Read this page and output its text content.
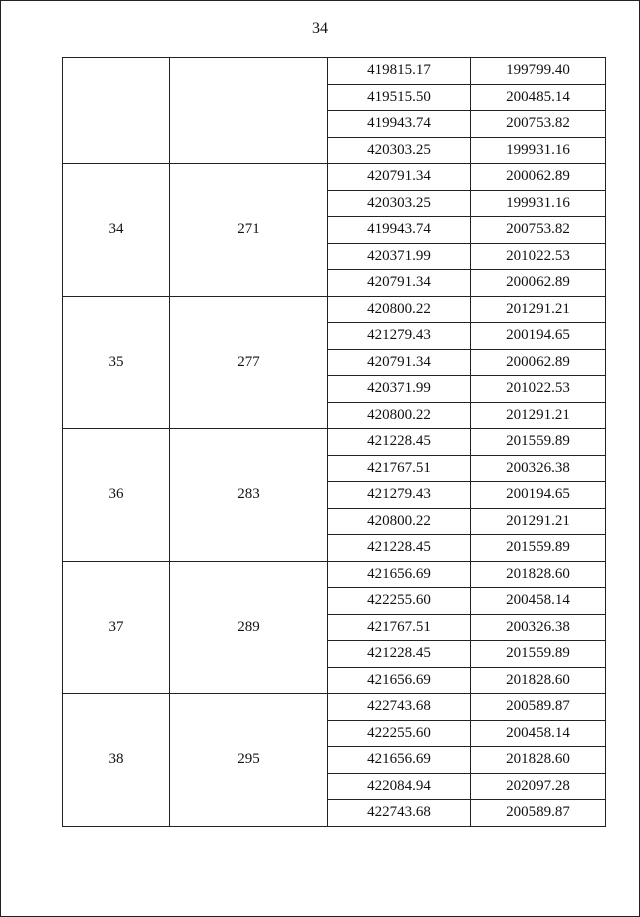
34
		419815.17	199799.40
		419515.50	200485.14
		419943.74	200753.82
		420303.25	199931.16
34	271	420791.34	200062.89
		420303.25	199931.16
		419943.74	200753.82
		420371.99	201022.53
		420791.34	200062.89
35	277	420800.22	201291.21
		421279.43	200194.65
		420791.34	200062.89
		420371.99	201022.53
		420800.22	201291.21
36	283	421228.45	201559.89
		421767.51	200326.38
		421279.43	200194.65
		420800.22	201291.21
		421228.45	201559.89
37	289	421656.69	201828.60
		422255.60	200458.14
		421767.51	200326.38
		421228.45	201559.89
		421656.69	201828.60
38	295	422743.68	200589.87
		422255.60	200458.14
		421656.69	201828.60
		422084.94	202097.28
		422743.68	200589.87
